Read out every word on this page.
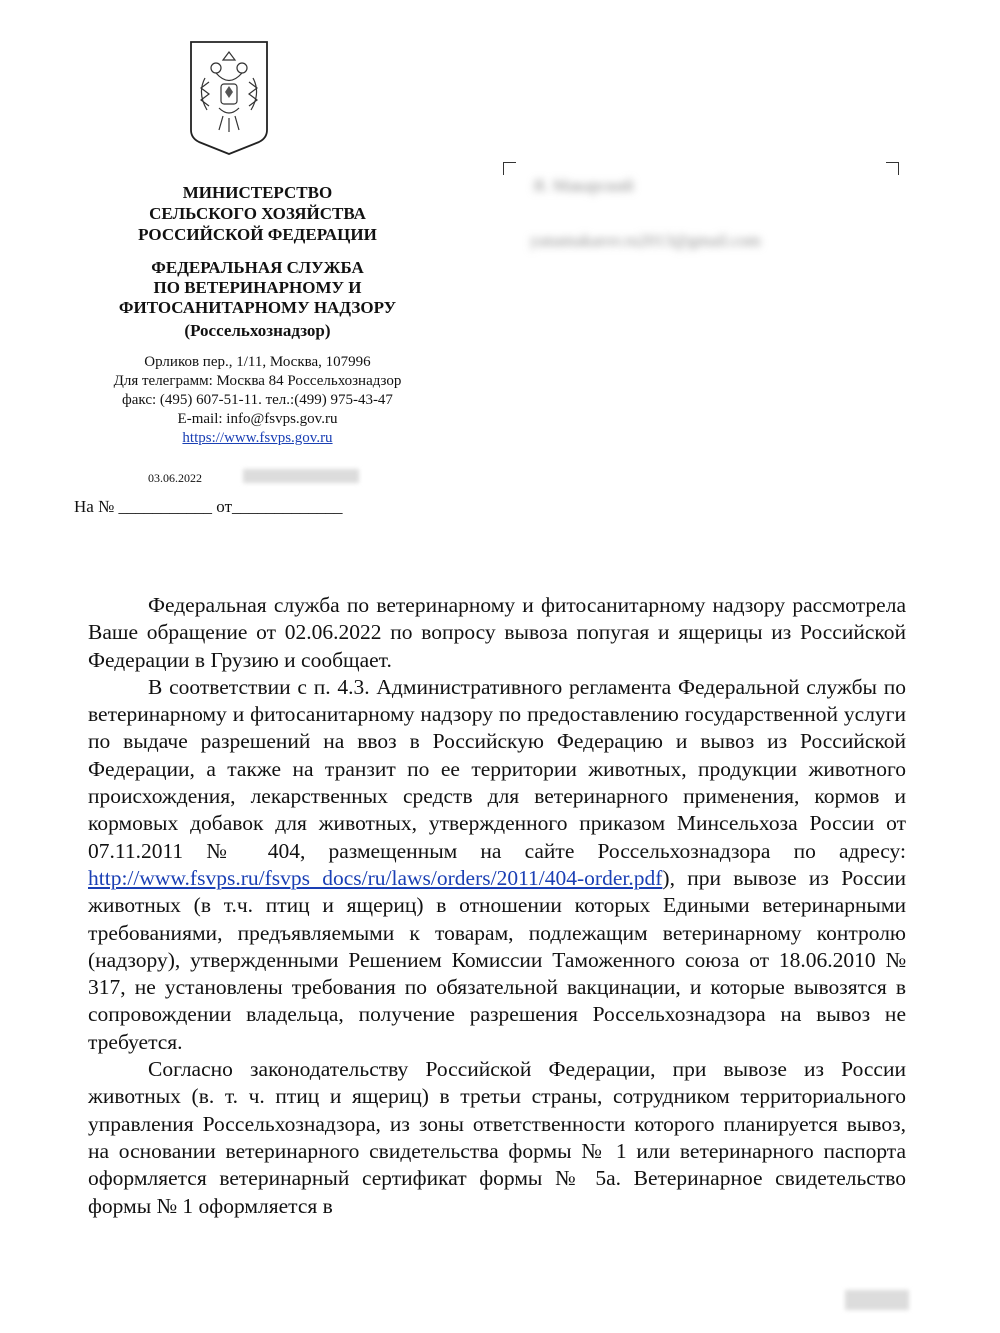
МИНИСТЕРСТВО
СЕЛЬСКОГО ХОЗЯЙСТВА
РОССИЙСКОЙ ФЕДЕРАЦИИ
ФЕДЕРАЛЬНАЯ СЛУЖБА
ПО ВЕТЕРИНАРНОМУ И
ФИТОСАНИТАРНОМУ НАДЗОРУ
(Россельхознадзор)
Орликов пер., 1/11, Москва, 107996
Для телеграмм: Москва 84 Россельхознадзор
факс: (495) 607-51-11. тел.:(499) 975-43-47
E-mail: info@fsvps.gov.ru
https://www.fsvps.gov.ru
03.06.2022
На № ___________ от_____________
Я. Макарский
yanamakarov.ru2013@gmail.com

Федеральная служба по ветеринарному и фитосанитарному надзору рассмотрела Ваше обращение от 02.06.2022 по вопросу вывоза попугая и ящерицы из Российской Федерации в Грузию и сообщает.

В соответствии с п. 4.3. Административного регламента Федеральной службы по ветеринарному и фитосанитарному надзору по предоставлению государственной услуги по выдаче разрешений на ввоз в Российскую Федерацию и вывоз из Российской Федерации, а также на транзит по ее территории животных, продукции животного происхождения, лекарственных средств для ветеринарного применения, кормов и кормовых добавок для животных, утвержденного приказом Минсельхоза России от 07.11.2011 № 404, размещенным на сайте Россельхознадзора по адресу: http://www.fsvps.ru/fsvps docs/ru/laws/orders/2011/404-order.pdf), при вывозе из России животных (в т.ч. птиц и ящериц) в отношении которых Едиными ветеринарными требованиями, предъявляемыми к товарам, подлежащим ветеринарному контролю (надзору), утвержденными Решением Комиссии Таможенного союза от 18.06.2010 № 317, не установлены требования по обязательной вакцинации, и которые вывозятся в сопровождении владельца, получение разрешения Россельхознадзора на вывоз не требуется.

Согласно законодательству Российской Федерации, при вывозе из России животных (в. т. ч. птиц и ящериц) в третьи страны, сотрудником территориального управления Россельхознадзора, из зоны ответственности которого планируется вывоз, на основании ветеринарного свидетельства формы № 1 или ветеринарного паспорта оформляется ветеринарный сертификат формы № 5а. Ветеринарное свидетельство формы № 1 оформляется в
